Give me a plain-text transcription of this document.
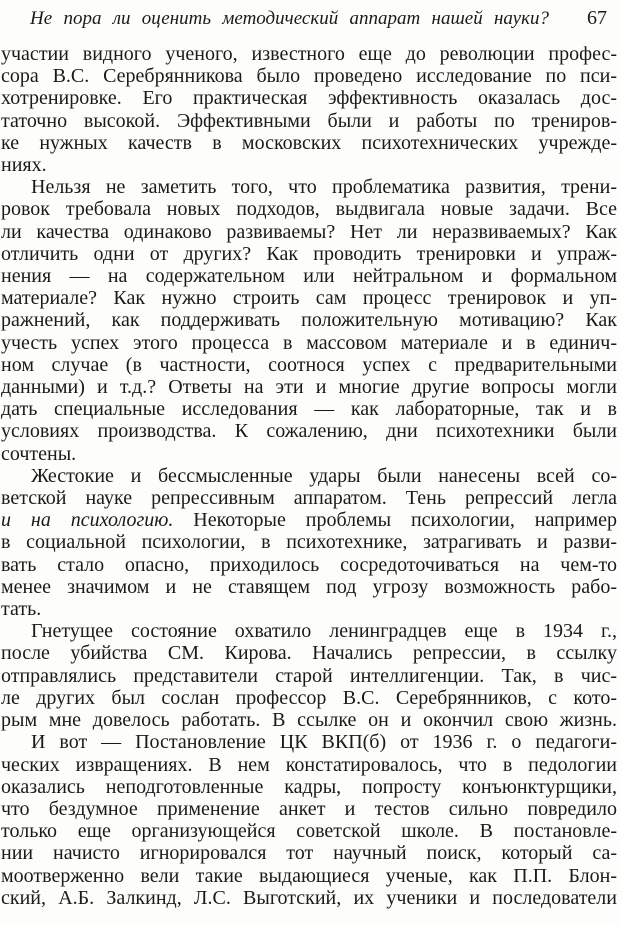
Не пора ли оценить методический аппарат нашей науки? 67
участии видного ученого, известного еще до революции профес-
сора В.С. Серебрянникова было проведено исследование по пси-
хотренировке. Его практическая эффективность оказалась дос-
таточно высокой. Эффективными были и работы по трениров-
ке нужных качеств в московских психотехнических учрежде-
ниях.
Нельзя не заметить того, что проблематика развития, трени-
ровок требовала новых подходов, выдвигала новые задачи. Все
ли качества одинаково развиваемы? Нет ли неразвиваемых? Как
отличить одни от других? Как проводить тренировки и упраж-
нения — на содержательном или нейтральном и формальном
материале? Как нужно строить сам процесс тренировок и уп-
ражнений, как поддерживать положительную мотивацию? Как
учесть успех этого процесса в массовом материале и в единич-
ном случае (в частности, соотнося успех с предварительными
данными) и т.д.? Ответы на эти и многие другие вопросы могли
дать специальные исследования — как лабораторные, так и в
условиях производства. К сожалению, дни психотехники были
сочтены.
Жестокие и бессмысленные удары были нанесены всей со-
ветской науке репрессивным аппаратом. Тень репрессий легла
и на психологию. Некоторые проблемы психологии, например
в социальной психологии, в психотехнике, затрагивать и разви-
вать стало опасно, приходилось сосредоточиваться на чем-то
менее значимом и не ставящем под угрозу возможность рабо-
тать.
Гнетущее состояние охватило ленинградцев еще в 1934 г.,
после убийства СМ. Кирова. Начались репрессии, в ссылку
отправлялись представители старой интеллигенции. Так, в чис-
ле других был сослан профессор В.С. Серебрянников, с кото-
рым мне довелось работать. В ссылке он и окончил свою жизнь.
И вот — Постановление ЦК ВКП(б) от 1936 г. о педагоги-
ческих извращениях. В нем констатировалось, что в педологии
оказались неподготовленные кадры, попросту конъюнктурщики,
что бездумное применение анкет и тестов сильно повредило
только еще организующейся советской школе. В постановле-
нии начисто игнорировался тот научный поиск, который са-
моотверженно вели такие выдающиеся ученые, как П.П. Блон-
ский, А.Б. Залкинд, Л.С. Выготский, их ученики и последователи
